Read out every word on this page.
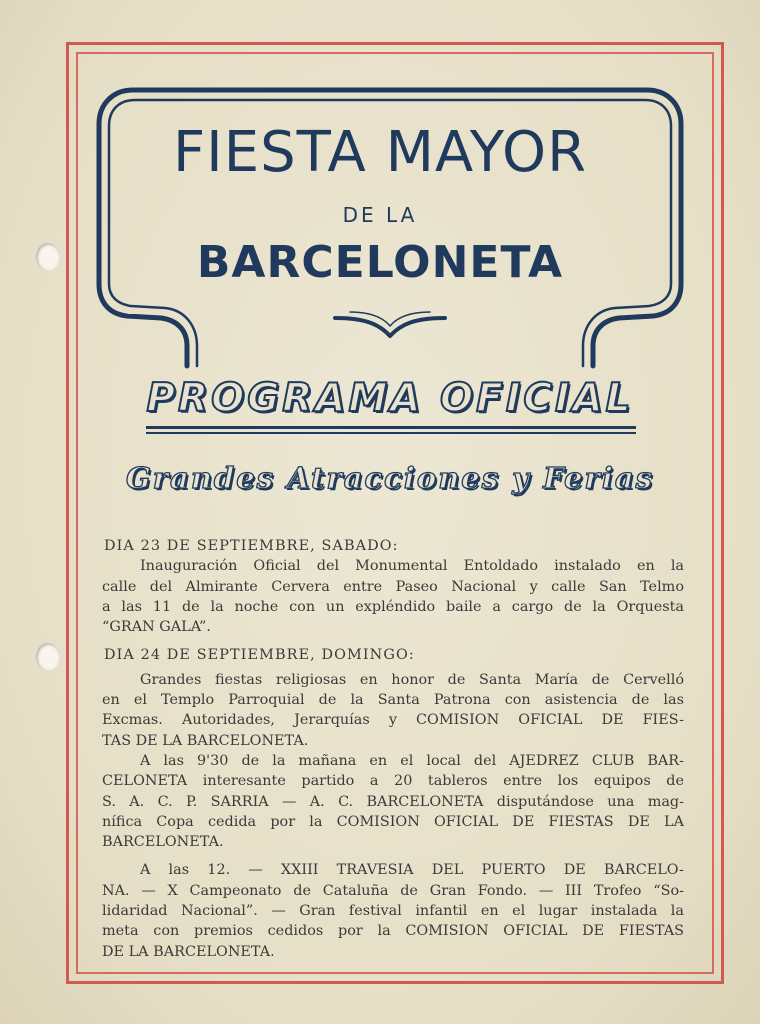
FIESTA MAYOR
DE LA
BARCELONETA
PROGRAMA OFICIAL
Grandes Atracciones y Ferias
DIA 23 DE SEPTIEMBRE, SABADO:
Inauguración Oficial del Monumental Entoldado instalado en la
calle del Almirante Cervera entre Paseo Nacional y calle San Telmo
a las 11 de la noche con un expléndido baile a cargo de la Orquesta
“GRAN GALA”.
DIA 24 DE SEPTIEMBRE, DOMINGO:
Grandes fiestas religiosas en honor de Santa María de Cervelló
en el Templo Parroquial de la Santa Patrona con asistencia de las
Excmas. Autoridades, Jerarquías y COMISION OFICIAL DE FIES-
TAS DE LA BARCELONETA.
A las 9'30 de la mañana en el local del AJEDREZ CLUB BAR-
CELONETA interesante partido a 20 tableros entre los equipos de
S. A. C. P. SARRIA — A. C. BARCELONETA disputándose una mag-
nífica Copa cedida por la COMISION OFICIAL DE FIESTAS DE LA
BARCELONETA.
A las 12. — XXIII TRAVESIA DEL PUERTO DE BARCELO-
NA. — X Campeonato de Cataluña de Gran Fondo. — III Trofeo “So-
lidaridad Nacional”. — Gran festival infantil en el lugar instalada la
meta con premios cedidos por la COMISION OFICIAL DE FIESTAS
DE LA BARCELONETA.
